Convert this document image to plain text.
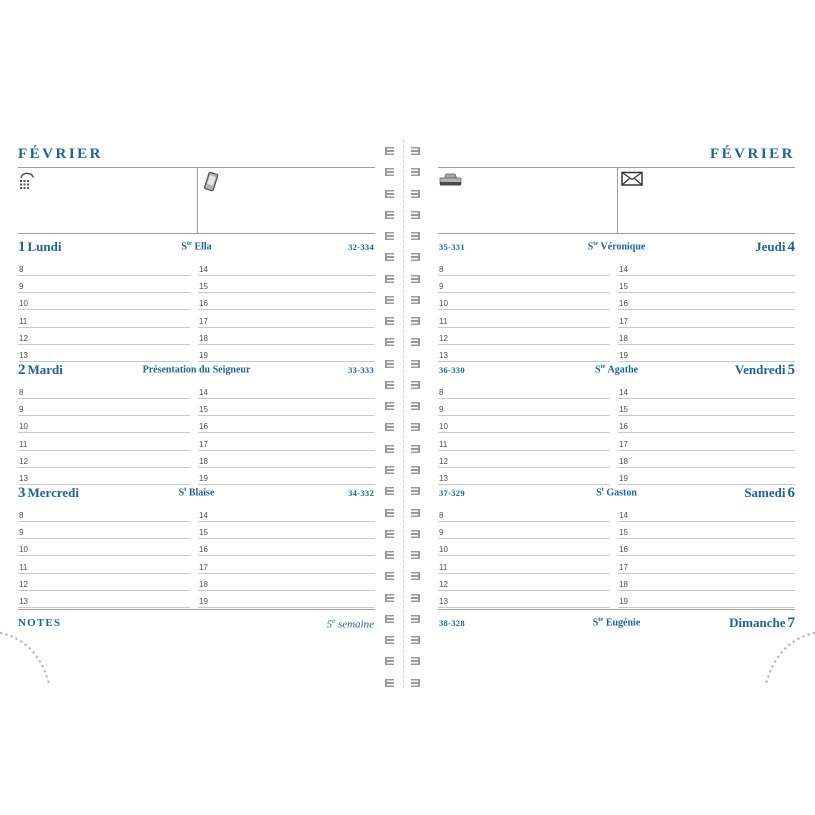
FÉVRIER
1 Lundi	$S^{te}$ Ella	32-334
8	14
9	15
10	16
11	17
12	18
13	19
2 Mardi	Présentation du Seigneur	33-333
8	14
9	15
10	16
11	17
12	18
13	19
3 Mercredi	$S^t$ Blaise	34-332
8	14
9	15
10	16
11	17
12	18
13	19
NOTES	5e semaine
FÉVRIER
35-331	$S^{te}$ Véronique	Jeudi 4
8	14
9	15
10	16
11	17
12	18
13	19
36-330	$S^{te}$ Agathe	Vendredi 5
8	14
9	15
10	16
11	17
12	18
13	19
37-329	$S^t$ Gaston	Samedi 6
8	14
9	15
10	16
11	17
12	18
13	19
38-328	$S^{te}$ Eugénie	Dimanche 7
